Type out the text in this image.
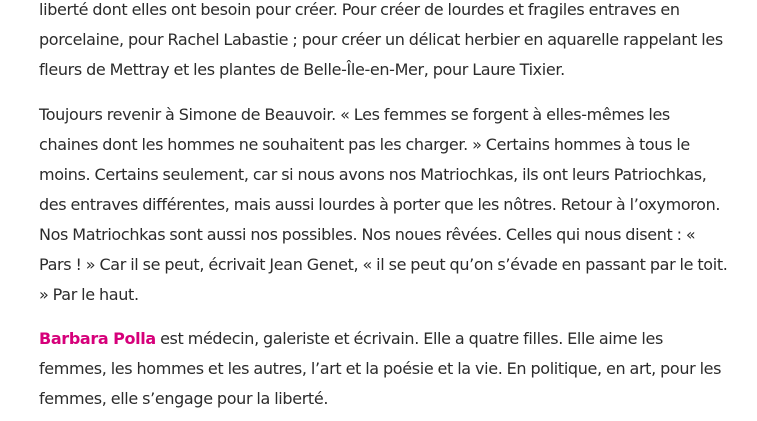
liberté dont elles ont besoin pour créer. Pour créer de lourdes et fragiles entraves en porcelaine, pour Rachel Labastie ; pour créer un délicat herbier en aquarelle rappelant les fleurs de Mettray et les plantes de Belle-Île-en-Mer, pour Laure Tixier.

Toujours revenir à Simone de Beauvoir. « Les femmes se forgent à elles-mêmes les chaines dont les hommes ne souhaitent pas les charger. » Certains hommes à tous le moins. Certains seulement, car si nous avons nos Matriochkas, ils ont leurs Patriochkas, des entraves différentes, mais aussi lourdes à porter que les nôtres. Retour à l’oxymoron. Nos Matriochkas sont aussi nos possibles. Nos noues rêvées. Celles qui nous disent : « Pars ! » Car il se peut, écrivait Jean Genet, « il se peut qu’on s’évade en passant par le toit. » Par le haut.

Barbara Polla est médecin, galeriste et écrivain. Elle a quatre filles. Elle aime les femmes, les hommes et les autres, l’art et la poésie et la vie. En politique, en art, pour les femmes, elle s’engage pour la liberté.
